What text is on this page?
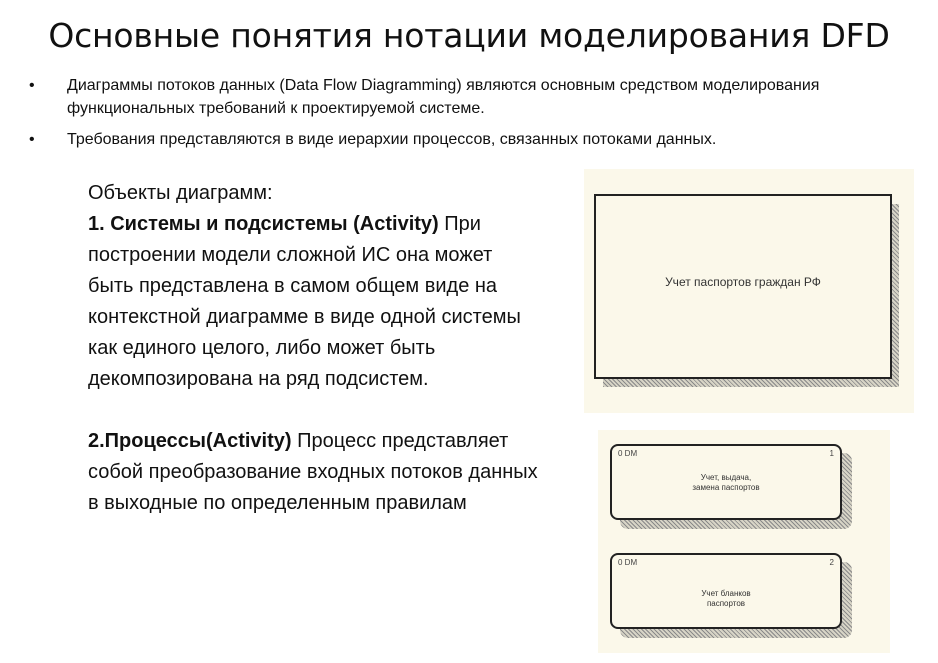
Основные понятия нотации моделирования DFD
• Диаграммы потоков данных (Data Flow Diagramming) являются основным средством моделирования функциональных требований к проектируемой системе.
• Требования представляются в виде иерархии процессов, связанных потоками данных.

Объекты диаграмм:

1. Системы и подсистемы (Activity) При построении модели сложной ИС она может быть представлена в самом общем виде на контекстной диаграмме в виде одной системы как единого целого, либо может быть декомпозирована на ряд подсистем.

2.Процессы(Activity) Процесс представляет собой преобразование входных потоков данных в выходные по определенным правилам

Учет паспортов граждан РФ
0 DM	1
Учет, выдача,
замена паспортов
0 DM	2
Учет бланков
паспортов
